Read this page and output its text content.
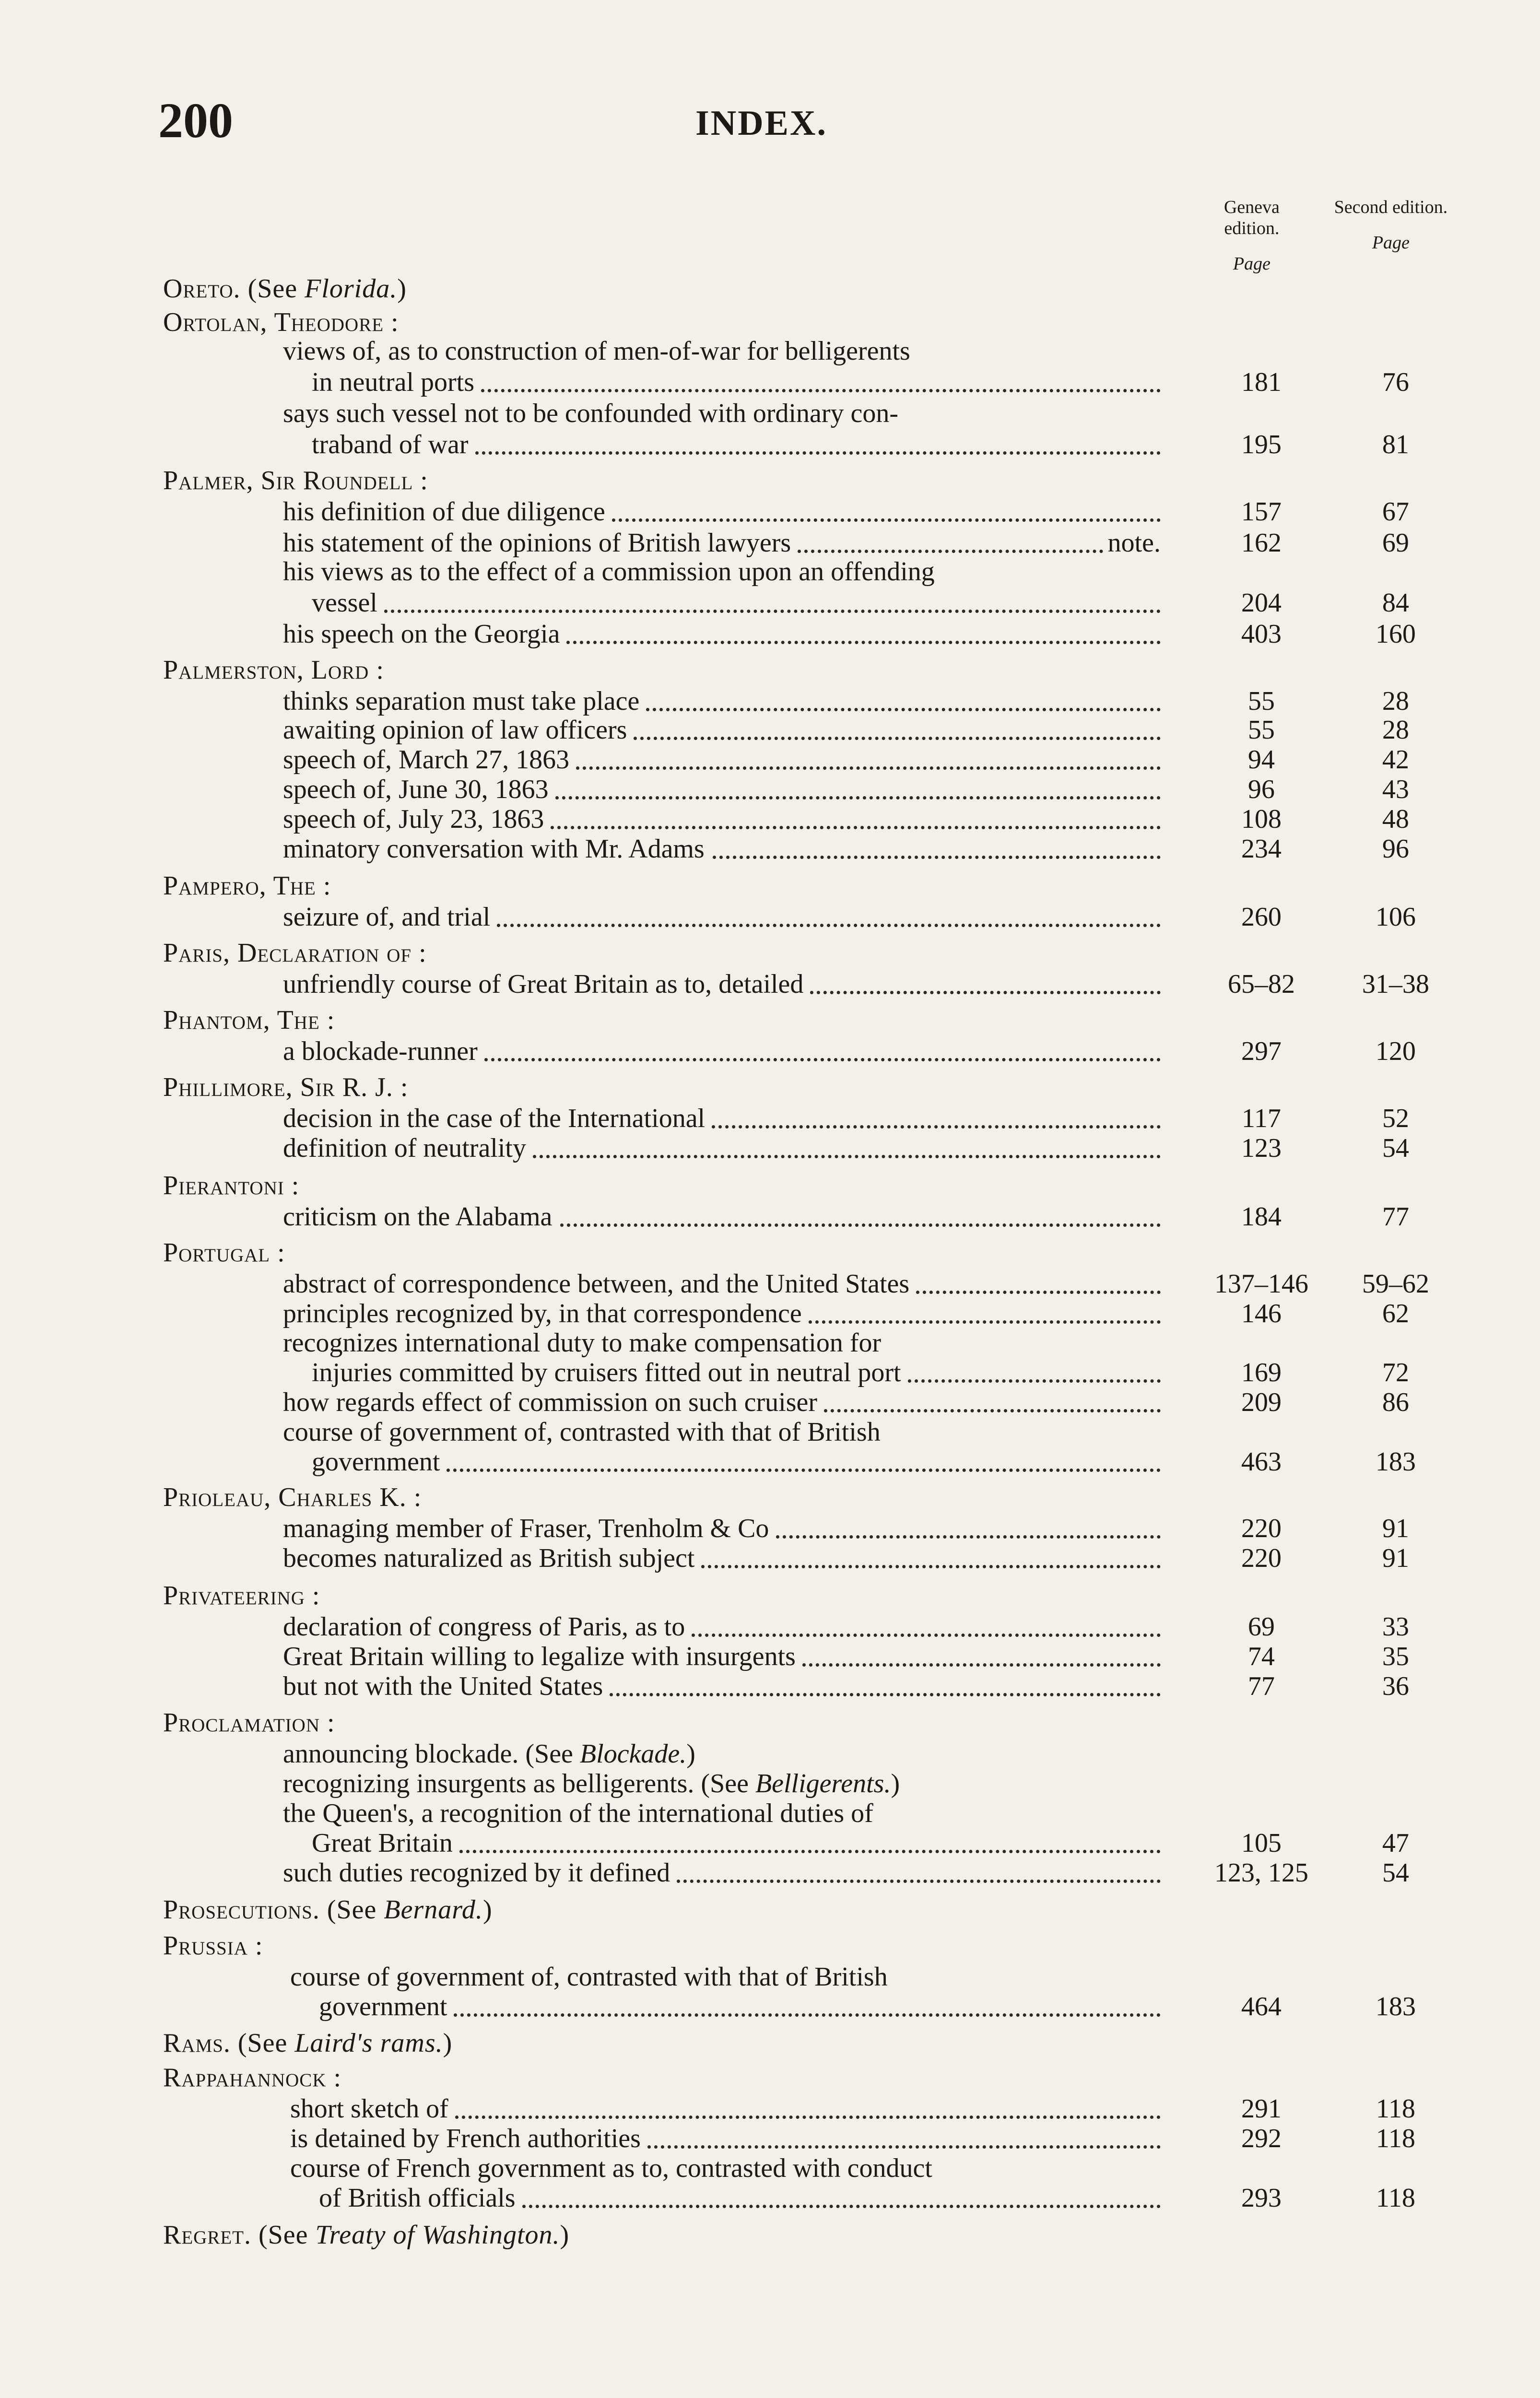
200	INDEX.
Geneva edition.
Page
Second edition.
Page
Oreto. (See Florida.)
Ortolan, Theodore :
views of, as to construction of men-of-war for belligerents
in neutral ports	181	76
says such vessel not to be confounded with ordinary con-
traband of war	195	81
Palmer, Sir Roundell :
his definition of due diligence	157	67
his statement of the opinions of British lawyers	note.	162	69
his views as to the effect of a commission upon an offending
vessel	204	84
his speech on the Georgia	403	160
Palmerston, Lord :
thinks separation must take place	55	28
awaiting opinion of law officers	55	28
speech of, March 27, 1863	94	42
speech of, June 30, 1863	96	43
speech of, July 23, 1863	108	48
minatory conversation with Mr. Adams	234	96
Pampero, The :
seizure of, and trial	260	106
Paris, Declaration of :
unfriendly course of Great Britain as to, detailed	65–82	31–38
Phantom, The :
a blockade-runner	297	120
Phillimore, Sir R. J. :
decision in the case of the International	117	52
definition of neutrality	123	54
Pierantoni :
criticism on the Alabama	184	77
Portugal :
abstract of correspondence between, and the United States	137–146	59–62
principles recognized by, in that correspondence	146	62
recognizes international duty to make compensation for
injuries committed by cruisers fitted out in neutral port	169	72
how regards effect of commission on such cruiser	209	86
course of government of, contrasted with that of British
government	463	183
Prioleau, Charles K. :
managing member of Fraser, Trenholm & Co	220	91
becomes naturalized as British subject	220	91
Privateering :
declaration of congress of Paris, as to	69	33
Great Britain willing to legalize with insurgents	74	35
but not with the United States	77	36
Proclamation :
announcing blockade. (See Blockade.)
recognizing insurgents as belligerents. (See Belligerents.)
the Queen's, a recognition of the international duties of
Great Britain	105	47
such duties recognized by it defined	123, 125	54
Prosecutions. (See Bernard.)
Prussia :
course of government of, contrasted with that of British
government	464	183
Rams. (See Laird's rams.)
Rappahannock :
short sketch of	291	118
is detained by French authorities	292	118
course of French government as to, contrasted with conduct
of British officials	293	118
Regret. (See Treaty of Washington.)
